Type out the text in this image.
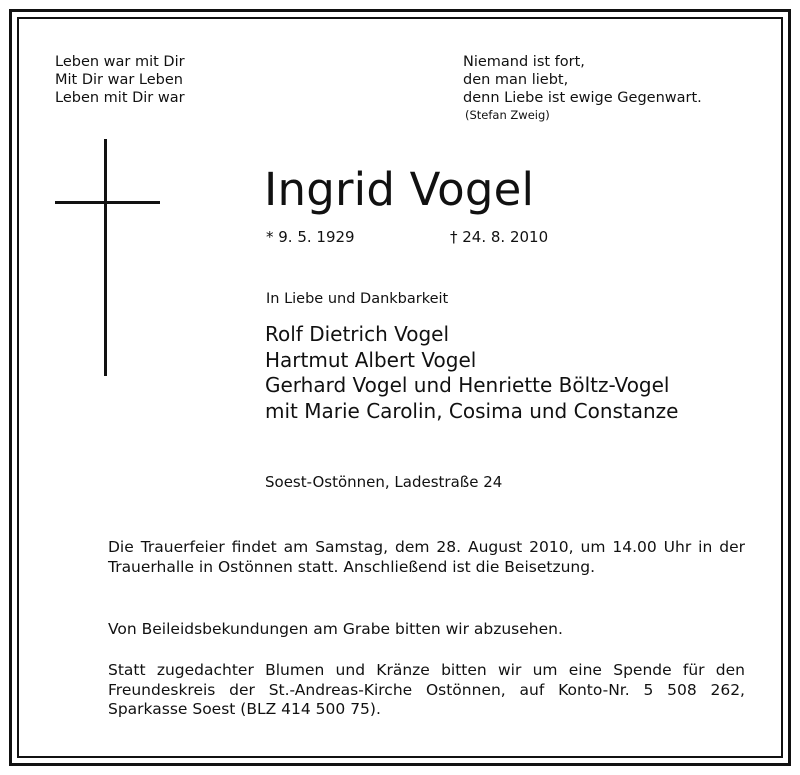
Leben war mit Dir
Mit Dir war Leben
Leben mit Dir war
Niemand ist fort,
den man liebt,
denn Liebe ist ewige Gegenwart.
(Stefan Zweig)
Ingrid Vogel
* 9. 5. 1929	† 24. 8. 2010
In Liebe und Dankbarkeit
Rolf Dietrich Vogel
Hartmut Albert Vogel
Gerhard Vogel und Henriette Böltz-Vogel
mit Marie Carolin, Cosima und Constanze
Soest-Ostönnen, Ladestraße 24

Die Trauerfeier findet am Samstag, dem 28. August 2010, um 14.00 Uhr in der Trauerhalle in Ostönnen statt. Anschließend ist die Beisetzung.

Von Beileidsbekundungen am Grabe bitten wir abzusehen.

Statt zugedachter Blumen und Kränze bitten wir um eine Spende für den Freundeskreis der St.-Andreas-Kirche Ostönnen, auf Konto-Nr. 5 508 262, Sparkasse Soest (BLZ 414 500 75).
